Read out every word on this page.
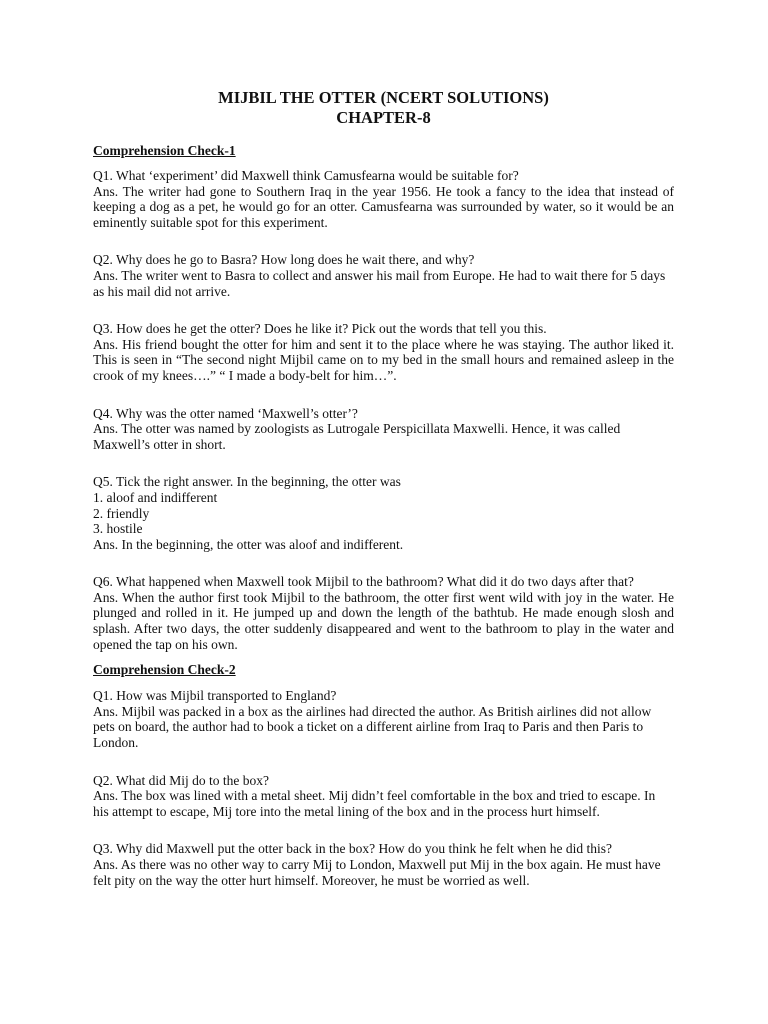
MIJBIL THE OTTER (NCERT SOLUTIONS)

CHAPTER-8

Comprehension Check-1

Q1. What ‘experiment’ did Maxwell think Camusfearna would be suitable for?

Ans. The writer had gone to Southern Iraq in the year 1956. He took a fancy to the idea that instead of keeping a dog as a pet, he would go for an otter. Camusfearna was surrounded by water, so it would be an eminently suitable spot for this experiment.

Q2. Why does he go to Basra? How long does he wait there, and why?

Ans. The writer went to Basra to collect and answer his mail from Europe. He had to wait there for 5 days as his mail did not arrive.

Q3. How does he get the otter? Does he like it? Pick out the words that tell you this.

Ans. His friend bought the otter for him and sent it to the place where he was staying. The author liked it. This is seen in “The second night Mijbil came on to my bed in the small hours and remained asleep in the crook of my knees….” “ I made a body-belt for him…”.

Q4. Why was the otter named ‘Maxwell’s otter’?

Ans. The otter was named by zoologists as Lutrogale Perspicillata Maxwelli. Hence, it was called Maxwell’s otter in short.

Q5. Tick the right answer. In the beginning, the otter was

1. aloof and indifferent

2. friendly

3. hostile

Ans. In the beginning, the otter was aloof and indifferent.

Q6. What happened when Maxwell took Mijbil to the bathroom? What did it do two days after that?

Ans. When the author first took Mijbil to the bathroom, the otter first went wild with joy in the water. He plunged and rolled in it. He jumped up and down the length of the bathtub. He made enough slosh and splash. After two days, the otter suddenly disappeared and went to the bathroom to play in the water and opened the tap on his own.

Comprehension Check-2

Q1. How was Mijbil transported to England?

Ans. Mijbil was packed in a box as the airlines had directed the author. As British airlines did not allow pets on board, the author had to book a ticket on a different airline from Iraq to Paris and then Paris to London.

Q2. What did Mij do to the box?

Ans. The box was lined with a metal sheet. Mij didn’t feel comfortable in the box and tried to escape. In his attempt to escape, Mij tore into the metal lining of the box and in the process hurt himself.

Q3. Why did Maxwell put the otter back in the box? How do you think he felt when he did this?

Ans. As there was no other way to carry Mij to London, Maxwell put Mij in the box again. He must have felt pity on the way the otter hurt himself. Moreover, he must be worried as well.
